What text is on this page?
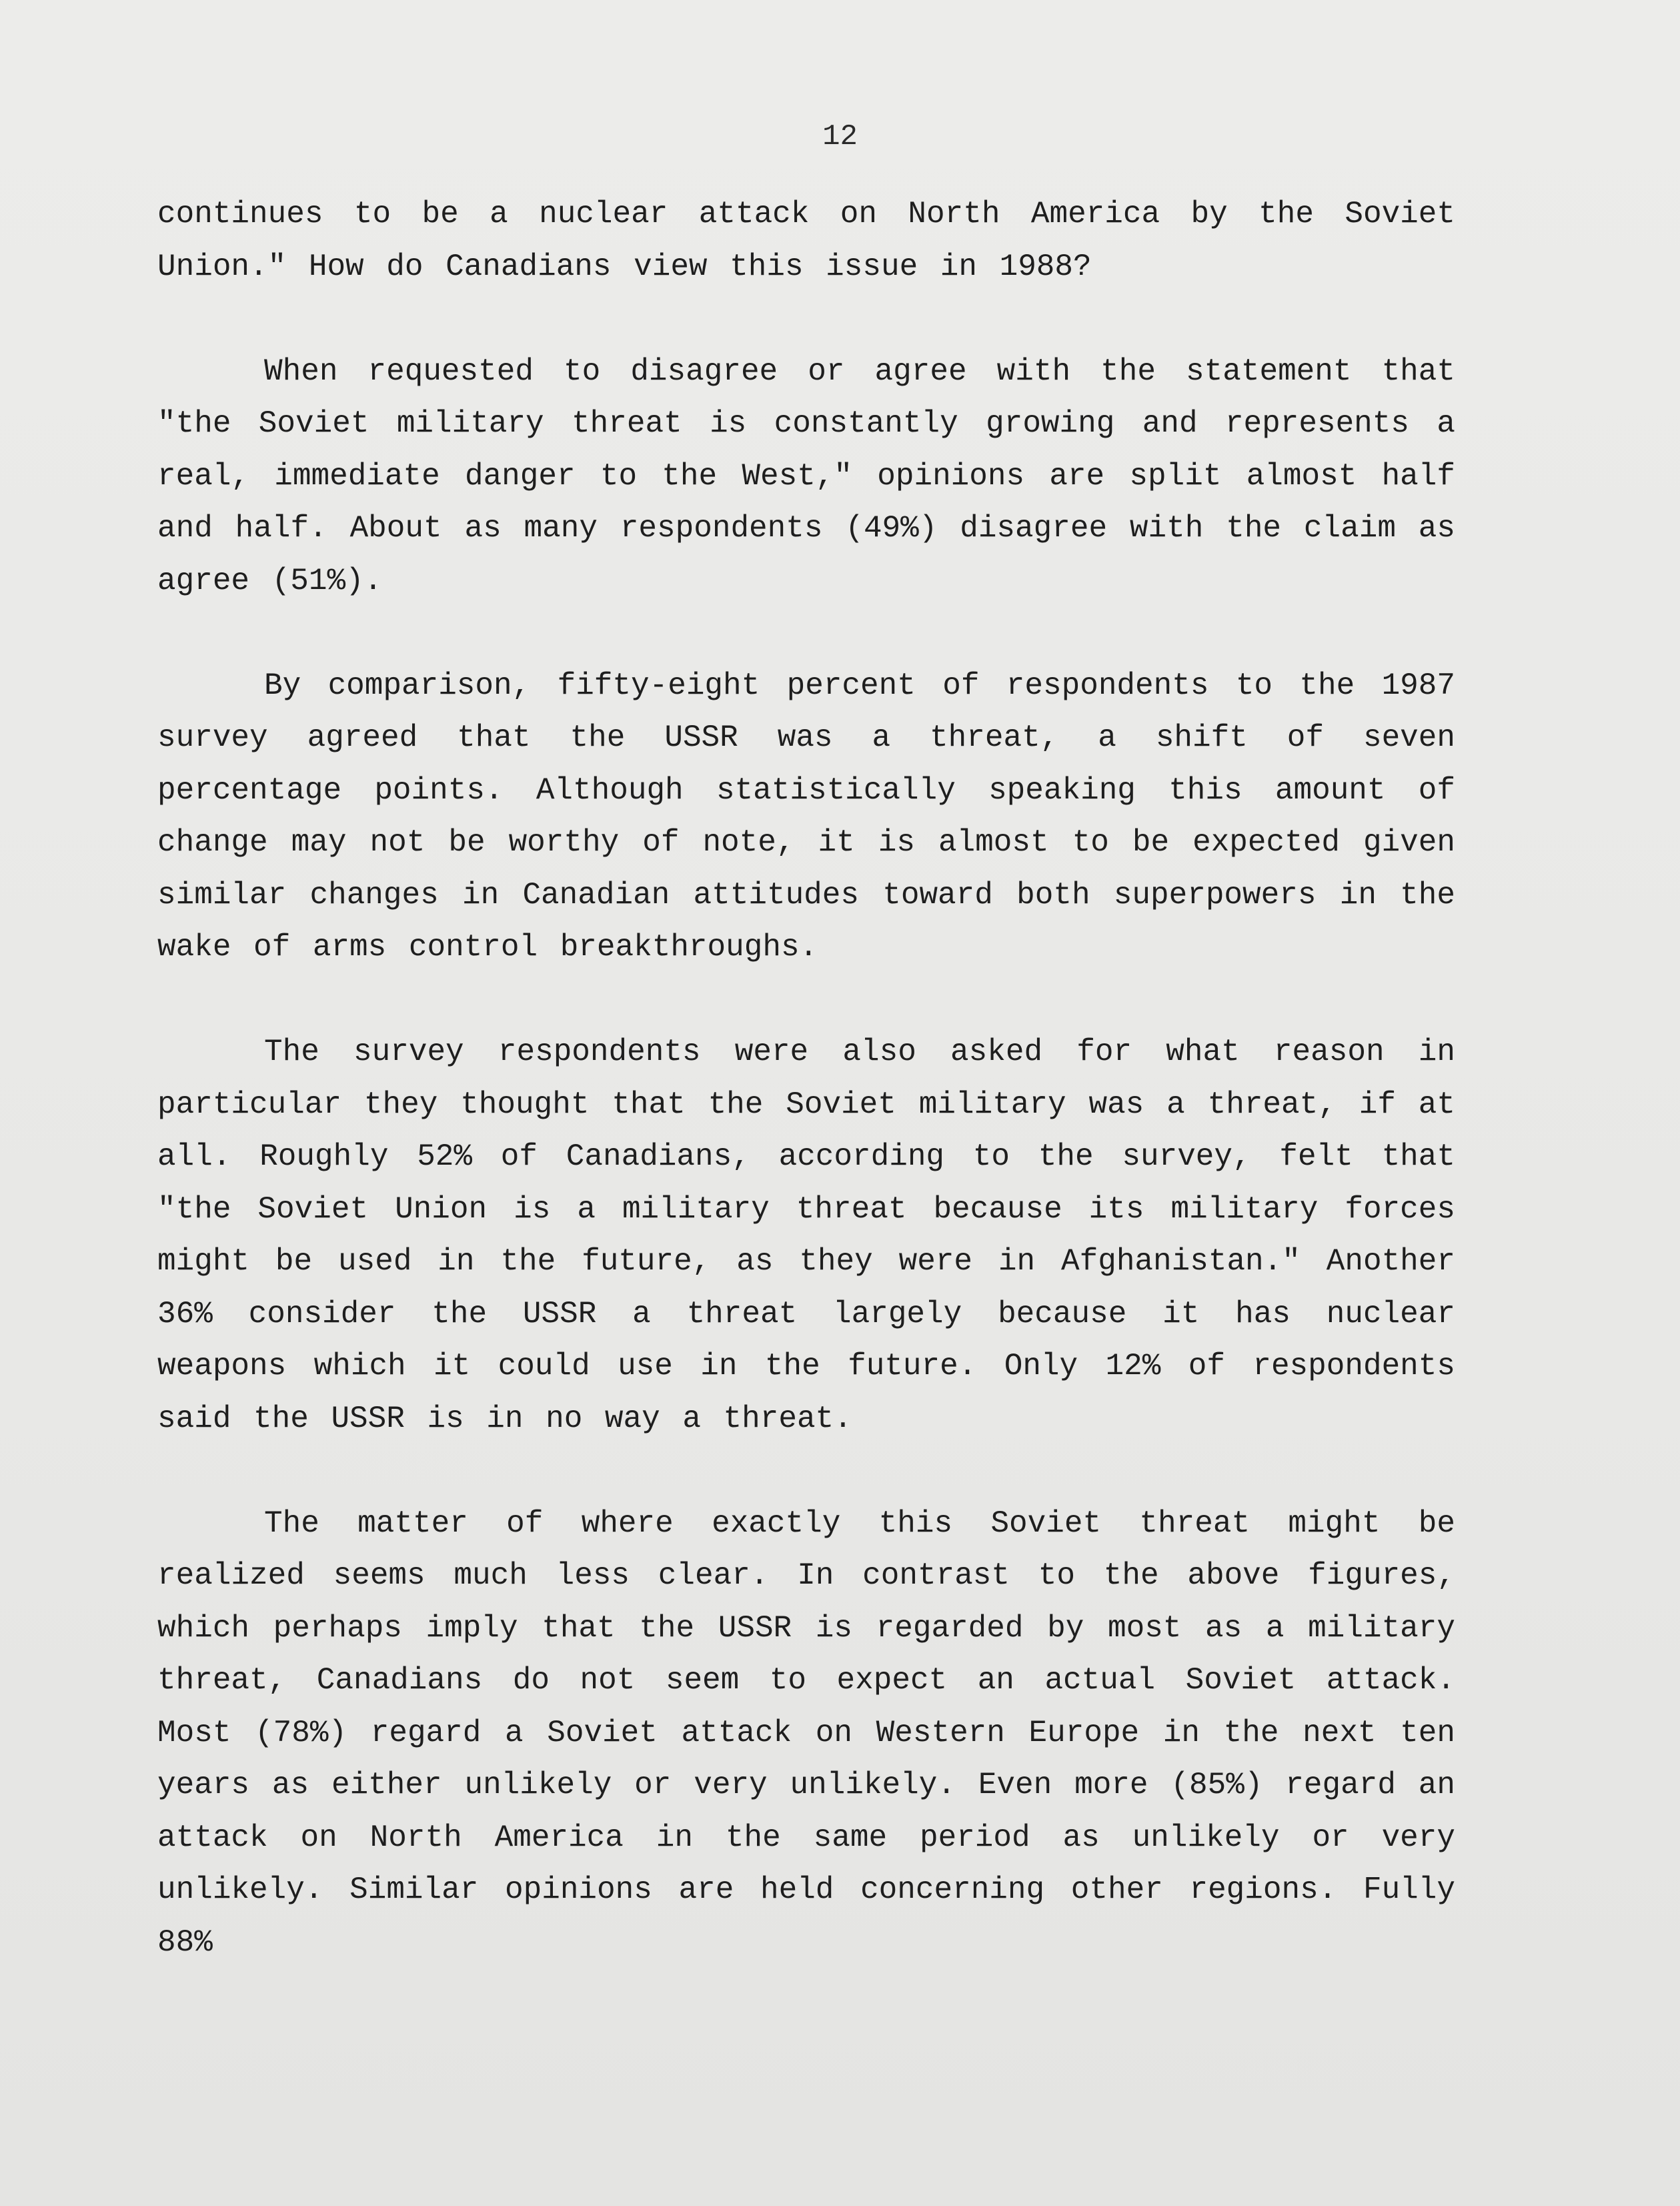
12

continues to be a nuclear attack on North America by the Soviet Union." How do Canadians view this issue in 1988?

When requested to disagree or agree with the statement that "the Soviet military threat is constantly growing and represents a real, immediate danger to the West," opinions are split almost half and half. About as many respondents (49%) disagree with the claim as agree (51%).

By comparison, fifty-eight percent of respondents to the 1987 survey agreed that the USSR was a threat, a shift of seven percentage points. Although statistically speaking this amount of change may not be worthy of note, it is almost to be expected given similar changes in Canadian attitudes toward both superpowers in the wake of arms control breakthroughs.

The survey respondents were also asked for what reason in particular they thought that the Soviet military was a threat, if at all. Roughly 52% of Canadians, according to the survey, felt that "the Soviet Union is a military threat because its military forces might be used in the future, as they were in Afghanistan." Another 36% consider the USSR a threat largely because it has nuclear weapons which it could use in the future. Only 12% of respondents said the USSR is in no way a threat.

The matter of where exactly this Soviet threat might be realized seems much less clear. In contrast to the above figures, which perhaps imply that the USSR is regarded by most as a military threat, Canadians do not seem to expect an actual Soviet attack. Most (78%) regard a Soviet attack on Western Europe in the next ten years as either unlikely or very unlikely. Even more (85%) regard an attack on North America in the same period as unlikely or very unlikely. Similar opinions are held concerning other regions. Fully 88%
